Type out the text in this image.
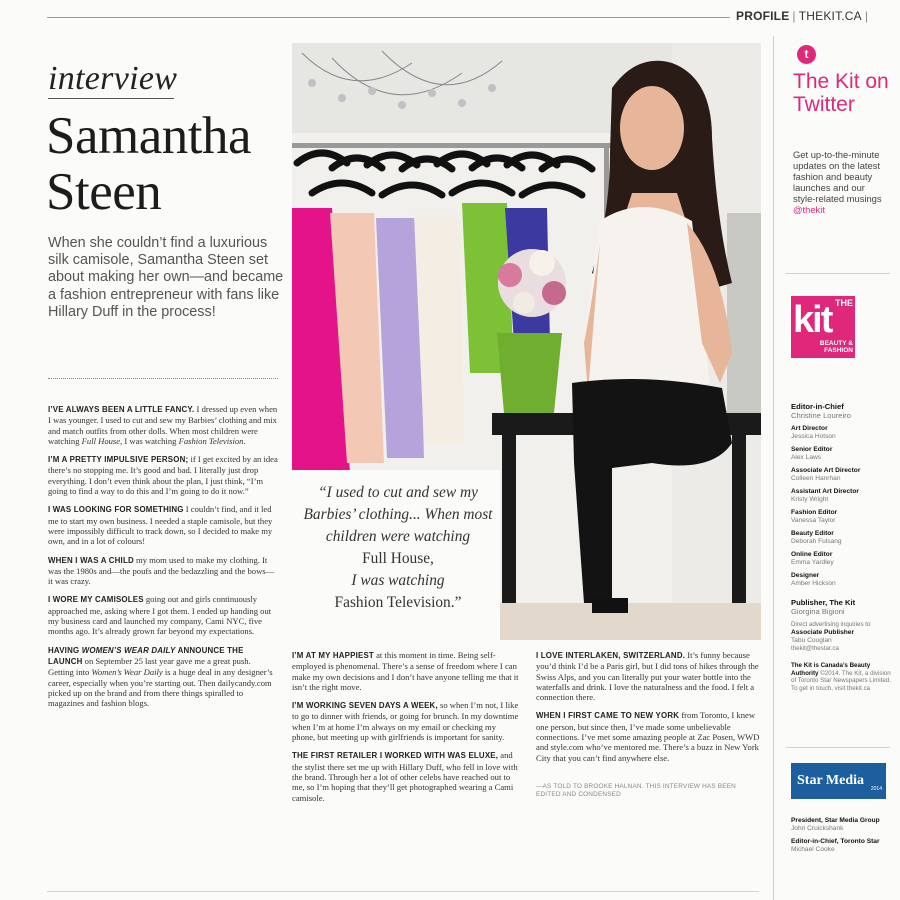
PROFILE | THEKIT.CA |
interview
Samantha Steen
When she couldn’t find a luxurious silk camisole, Samantha Steen set about making her own—and became a fashion entrepreneur with fans like Hillary Duff in the process!

I’VE ALWAYS BEEN A LITTLE FANCY. I dressed up even when I was younger. I used to cut and sew my Barbies’ clothing and mix and match outfits from other dolls. When most children were watching Full House, I was watching Fashion Television.

I’M A PRETTY IMPULSIVE PERSON; if I get excited by an idea there’s no stopping me. It’s good and bad. I literally just drop everything. I don’t even think about the plan, I just think, “I’m going to find a way to do this and I’m going to do it now.”

I WAS LOOKING FOR SOMETHING I couldn’t find, and it led me to start my own business. I needed a staple camisole, but they were impossibly difficult to track down, so I decided to make my own, and in a lot of colours!

WHEN I WAS A CHILD my mom used to make my clothing. It was the 1980s and—the poufs and the bedazzling and the bows—it was crazy.

I WORE MY CAMISOLES going out and girls continuously approached me, asking where I got them. I ended up handing out my business card and launched my company, Cami NYC, five months ago. It’s already grown far beyond my expectations.

HAVING WOMEN’S WEAR DAILY ANNOUNCE THE LAUNCH on September 25 last year gave me a great push. Getting into Women’s Wear Daily is a huge deal in any designer’s career, especially when you’re starting out. Then dailycandy.com picked up on the brand and from there things spiralled to magazines and fashion blogs.

“I used to cut and sew my Barbies’ clothing... When most children were watching
Full House,
I was watching
Fashion Television.”

I’M AT MY HAPPIEST at this moment in time. Being self-employed is phenomenal. There’s a sense of freedom where I can make my own decisions and I don’t have anyone telling me that it isn’t the right move.

I’M WORKING SEVEN DAYS A WEEK, so when I’m not, I like to go to dinner with friends, or going for brunch. In my downtime when I’m at home I’m always on my email or checking my phone, but meeting up with girlfriends is important for sanity.

THE FIRST RETAILER I WORKED WITH WAS ELUXE, and the stylist there set me up with Hillary Duff, who fell in love with the brand. Through her a lot of other celebs have reached out to me, so I’m hoping that they’ll get photographed wearing a Cami camisole.

I LOVE INTERLAKEN, SWITZERLAND. It’s funny because you’d think I’d be a Paris girl, but I did tons of hikes through the Swiss Alps, and you can literally put your water bottle into the waterfalls and drink. I love the naturalness and the food. I felt a connection there.

WHEN I FIRST CAME TO NEW YORK from Toronto, I knew one person, but since then, I’ve made some unbelievable connections. I’ve met some amazing people at Zac Posen, WWD and style.com who’ve mentored me. There’s a buzz in New York City that you can’t find anywhere else.

—AS TOLD TO BROOKE HALNAN. THIS INTERVIEW HAS BEEN EDITED AND CONDENSED
t
The Kit on Twitter
Get up-to-the-minute updates on the latest fashion and beauty launches and our style-related musings @thekit
THE
kit
BEAUTY & FASHION
Editor-in-Chief
Christine Loureiro
Art Director
Jessica Hotson
Senior Editor
Alex Laws
Associate Art Director
Colleen Hanrhan
Assistant Art Director
Kristy Wright
Fashion Editor
Vanessa Taylor
Beauty Editor
Deborah Fulsang
Online Editor
Emma Yardley
Designer
Amber Hickson
Publisher, The Kit
Giorgina Bigioni
Direct advertising inquiries to
Associate Publisher
Tabu Couglan
thekit@thestar.ca
The Kit is Canada’s Beauty Authority ©2014. The Kit, a division of Toronto Star Newspapers Limited. To get in touch, visit thekit.ca
Star Media
2014
President, Star Media Group
John Cruickshank
Editor-in-Chief, Toronto Star
Michael Cooke
